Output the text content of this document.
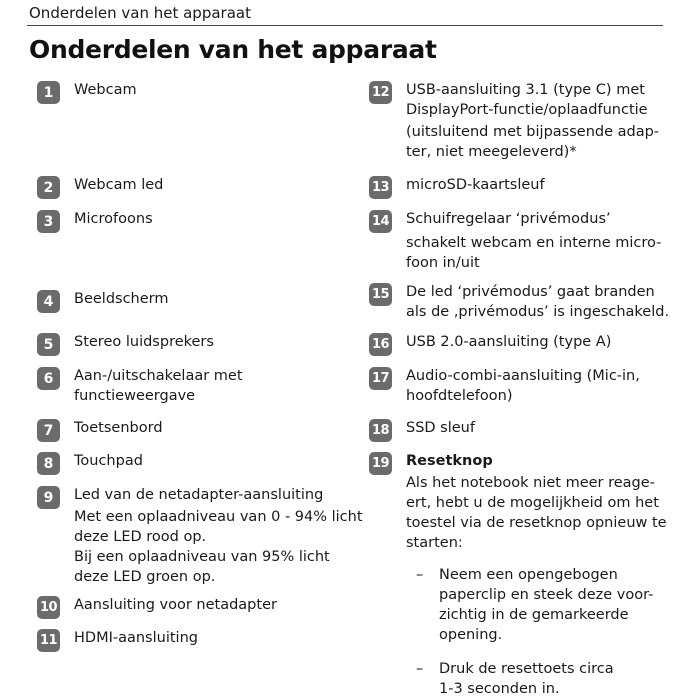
Onderdelen van het apparaat
Onderdelen van het apparaat
1	Webcam
2	Webcam led
3	Microfoons
4	Beeldscherm
5	Stereo luidsprekers
6	Aan-/uitschakelaar met
functieweergave
7	Toetsenbord
8	Touchpad
9	Led van de netadapter-aansluiting
Met een oplaadniveau van 0 - 94% licht
deze LED rood op.
Bij een oplaadniveau van 95% licht
deze LED groen op.
10 Aansluiting voor netadapter
11 HDMI-aansluiting
12 USB-aansluiting 3.1 (type C) met
DisplayPort-functie/oplaadfunctie
(uitsluitend met bijpassende adap-
ter, niet meegeleverd)*
13 microSD-kaartsleuf
14 Schuifregelaar ‘privémodus’
schakelt webcam en interne micro-
foon in/uit
15 De led ‘privémodus’ gaat branden
als de ‚privémodus’ is ingeschakeld.
16 USB 2.0-aansluiting (type A)
17 Audio-combi-aansluiting (Mic-in,
hoofdtelefoon)
18 SSD sleuf
19 Resetknop
Als het notebook niet meer reage-
ert, hebt u de mogelijkheid om het
toestel via de resetknop opnieuw te
starten:
– Neem een opengebogen
paperclip en steek deze voor-
zichtig in de gemarkeerde
opening.
– Druk de resettoets circa
1-3 seconden in.
